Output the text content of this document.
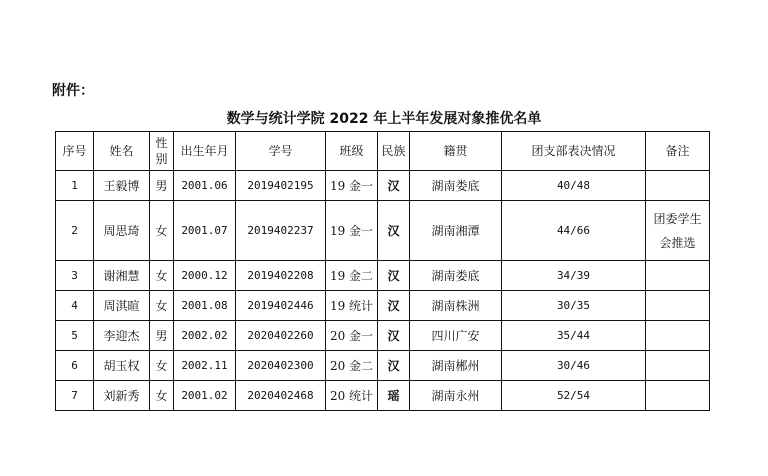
附件：
数学与统计学院 2022 年上半年发展对象推优名单
序号	姓名	性别	出生年月	学号	班级	民族	籍贯	团支部表决情况	备注
1	王毅博	男	2001.06	2019402195	19 金一	汉	湖南娄底	40/48	
2	周思琦	女	2001.07	2019402237	19 金一	汉	湖南湘潭	44/66	团委学生会推选
3	谢湘慧	女	2000.12	2019402208	19 金二	汉	湖南娄底	34/39	
4	周淇暄	女	2001.08	2019402446	19 统计	汉	湖南株洲	30/35	
5	李迎杰	男	2002.02	2020402260	20 金一	汉	四川广安	35/44	
6	胡玉权	女	2002.11	2020402300	20 金二	汉	湖南郴州	30/46	
7	刘新秀	女	2001.02	2020402468	20 统计	瑶	湖南永州	52/54	
